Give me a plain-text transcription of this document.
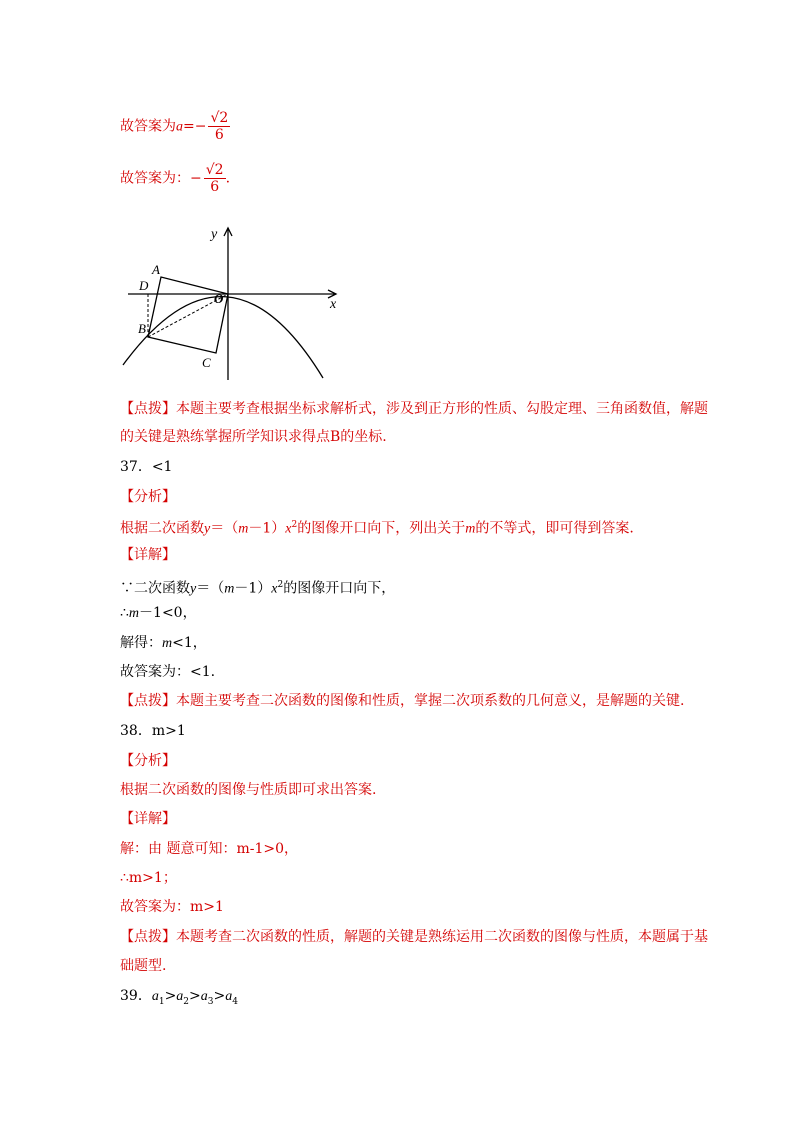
故答案为$a=- \frac{√2}{6}$
故答案为：− $\frac{√2}{6}$ .
y
x
A
D
O
B
C
【点拨】本题主要考查根据坐标求解析式，涉及到正方形的性质、勾股定理、三角函数值，解题
的关键是熟练掌握所学知识求得点B的坐标.
37．<1
【分析】
根据二次函数$y=(m-1)x^2$的图像开口向下，列出关于m的不等式，即可得到答案.
【详解】
∵二次函数$y=(m-1)x^2$的图像开口向下，
∴m－1<0，
解得：m<1，
故答案为：<1.
【点拨】本题主要考查二次函数的图像和性质，掌握二次项系数的几何意义，是解题的关键.
38．m>1
【分析】
根据二次函数的图像与性质即可求出答案.
【详解】
解：由 题意可知：m-1>0，
∴m>1；
故答案为：m>1
【点拨】本题考查二次函数的性质，解题的关键是熟练运用二次函数的图像与性质，本题属于基
础题型.
39．$a_1>a_2>a_3>a_4$
